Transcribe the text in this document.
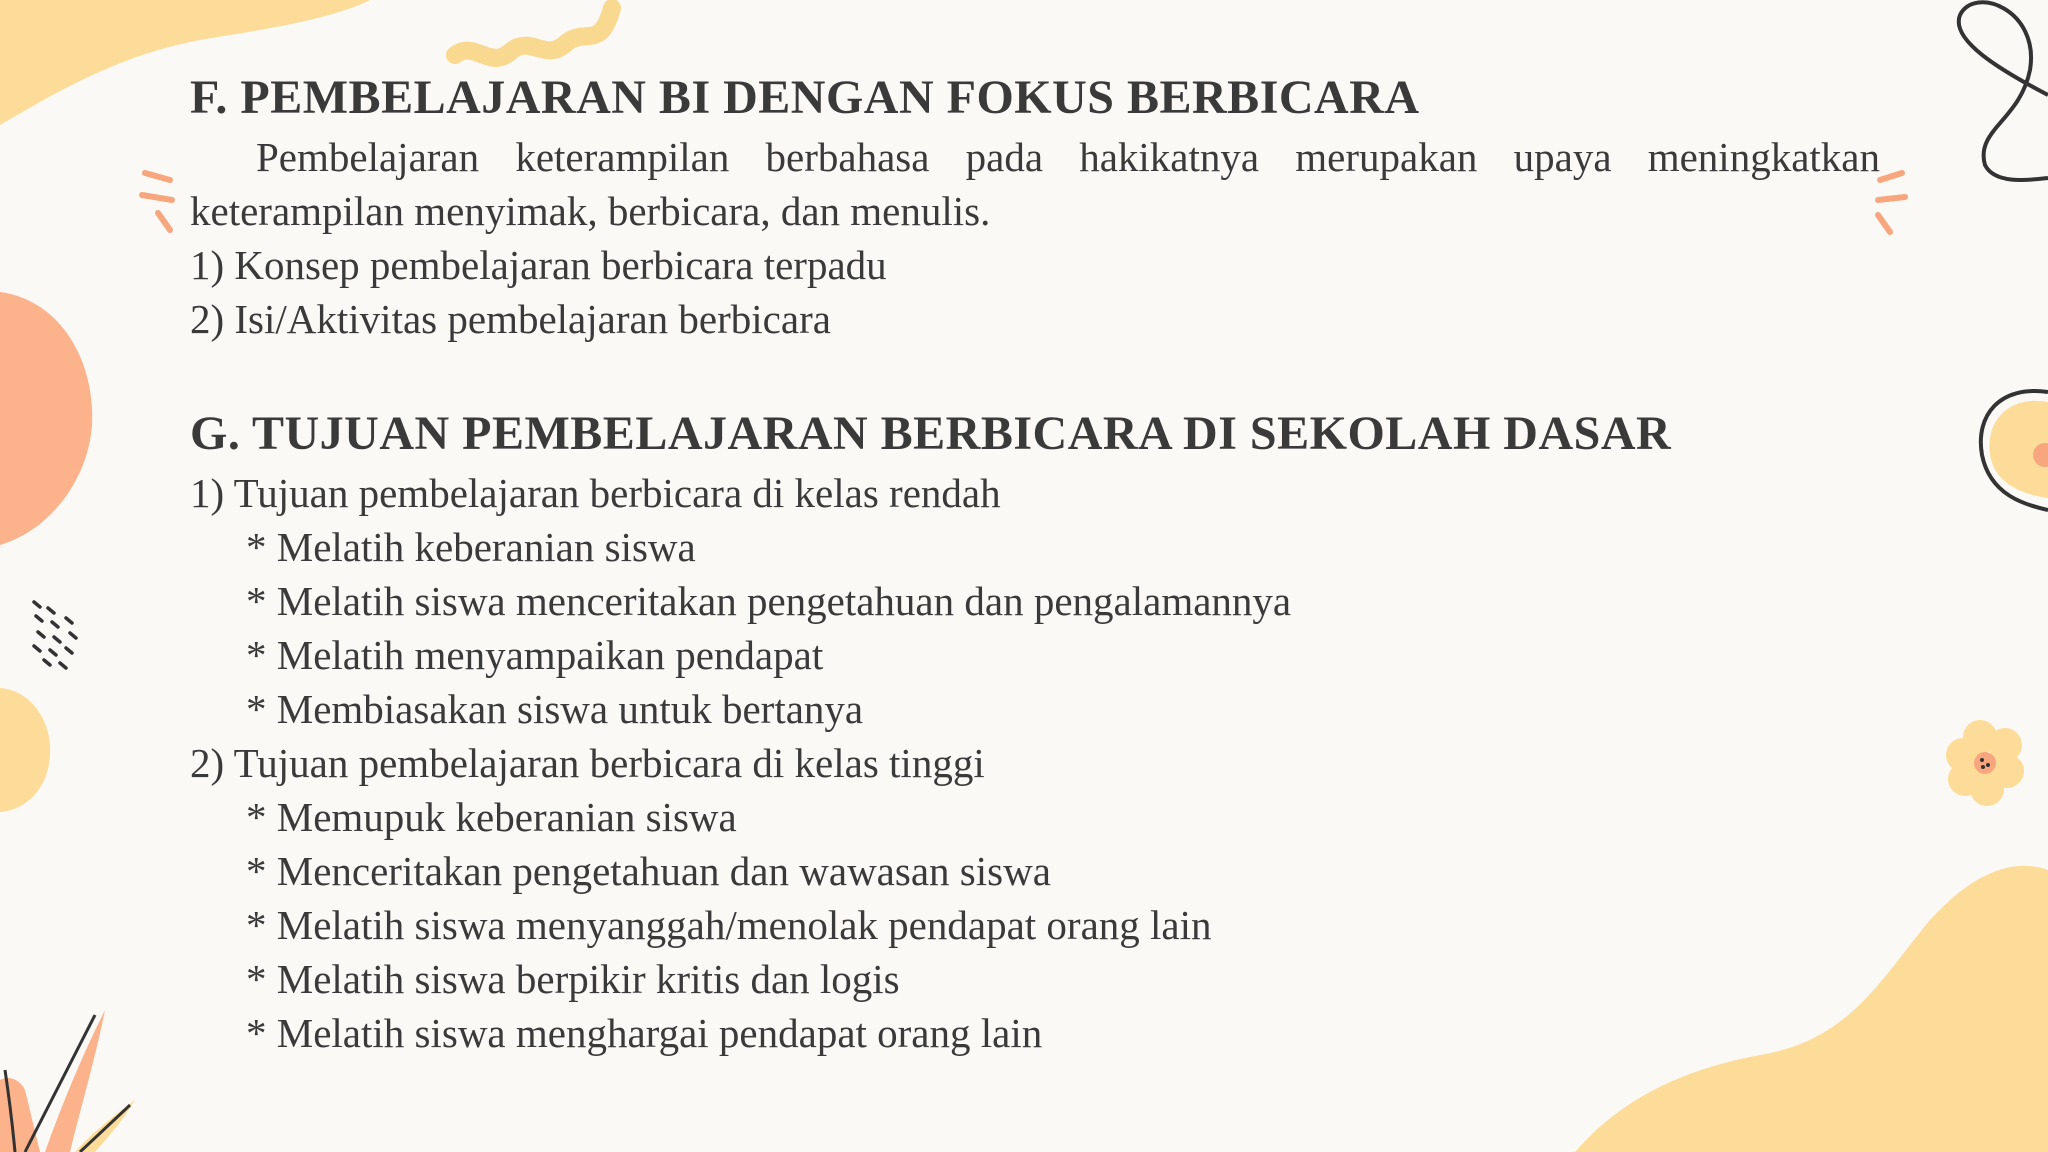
F. PEMBELAJARAN BI DENGAN FOKUS BERBICARA

Pembelajaran keterampilan berbahasa pada hakikatnya merupakan upaya meningkatkan keterampilan menyimak, berbicara, dan menulis.

1) Konsep pembelajaran berbicara terpadu

2) Isi/Aktivitas pembelajaran berbicara

G. TUJUAN PEMBELAJARAN BERBICARA DI SEKOLAH DASAR

1) Tujuan pembelajaran berbicara di kelas rendah

* Melatih keberanian siswa

* Melatih siswa menceritakan pengetahuan dan pengalamannya

* Melatih menyampaikan pendapat

* Membiasakan siswa untuk bertanya

2) Tujuan pembelajaran berbicara di kelas tinggi

* Memupuk keberanian siswa

* Menceritakan pengetahuan dan wawasan siswa

* Melatih siswa menyanggah/menolak pendapat orang lain

* Melatih siswa berpikir kritis dan logis

* Melatih siswa menghargai pendapat orang lain
